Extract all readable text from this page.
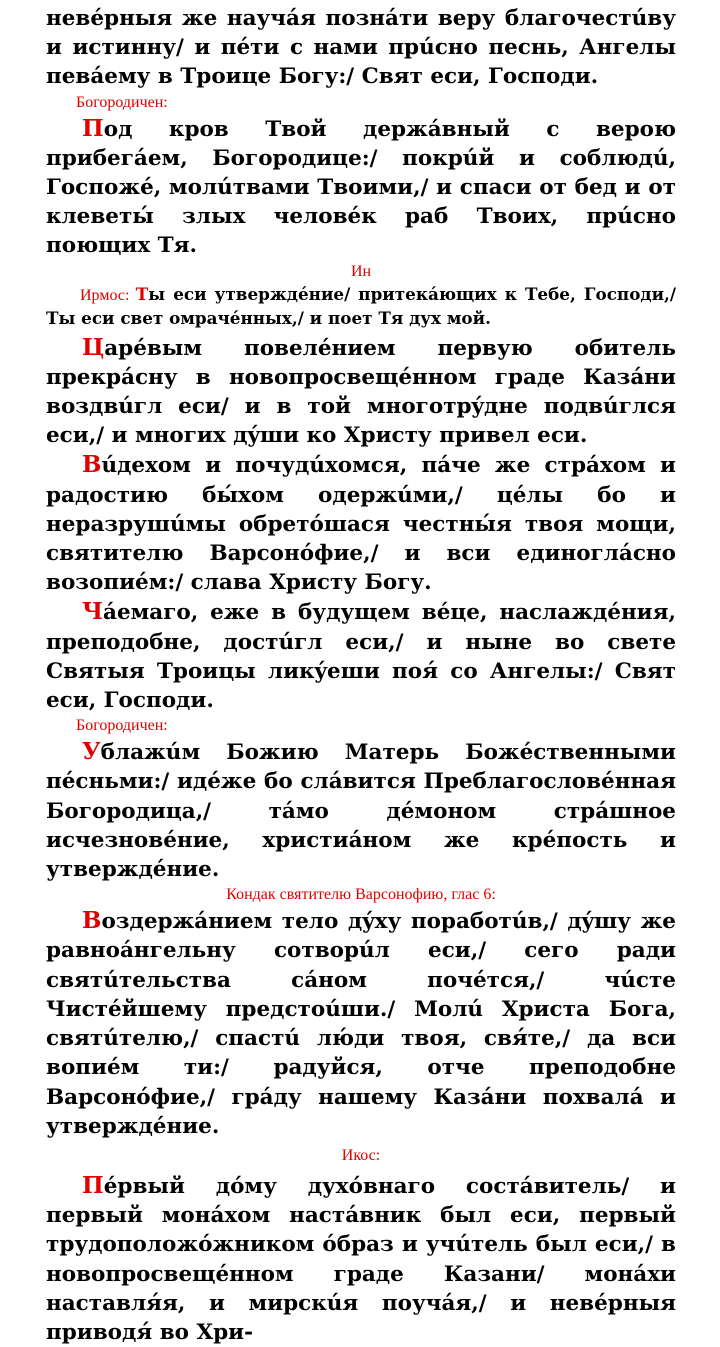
невéрныя же научáя познáти веру благочестúву и истинну/ и пéти с нами прúсно песнь, Ангелы певáему в Троице Богу:/ Свят еси, Господи.

Богородичен:

Под кров Твой держáвный с верою прибегáем, Богородице:/ покрúй и соблюдú, Госпожé, молúтвами Твоими,/ и спаси от бед и от клеветы́ злых человéк раб Твоих, прúсно поющих Тя.

Ин

Ирмос: Ты еси утверждéние/ притекáющих к Тебе, Господи,/ Ты еси свет омрачéнных,/ и поет Тя дух мой.

Царéвым повелéнием первую обитель прекрáсну в новопросвещéнном граде Казáни воздвúгл еси/ и в той многотрýдне подвúглся еси,/ и многих дýши ко Христу привел еси.

Вúдехом и почудúхомся, пáче же стрáхом и радостию бы́хом одержúми,/ цéлы бо и неразрушúмы обретóшася честны́я твоя мощи, святителю Варсонóфие,/ и вси единоглáсно возопиéм:/ слава Христу Богу.

Чáемаго, еже в будущем вéце, наслаждéния, преподобне, достúгл еси,/ и ныне во свете Святыя Троицы ликýеши поя́ со Ангелы:/ Свят еси, Господи.

Богородичен:

Ублажúм Божию Матерь Божéственными пéсньми:/ идéже бо слáвится Преблагословéнная Богородица,/ тáмо дéмоном стрáшное исчезновéние, христиáном же крéпость и утверждéние.

Кондак святителю Варсонофию, глас 6:

Воздержáнием тело дýху поработúв,/ дýшу же равноáнгельну сотворúл еси,/ сего ради святúтельства сáном почéтся,/ чúсте Чистéйшему предстоúши./ Молú Христа Бога, святúтелю,/ спастú лю́ди твоя, свя́те,/ да вси вопиéм ти:/ радуйся, отче преподобне Варсонóфие,/ грáду нашему Казáни похвалá и утверждéние.

Икос:

Пéрвый дóму духóвнаго состáвитель/ и первый монáхом настáвник был еси, первый трудоположóжником óбраз и учúтель был еси,/ в новопросвещéнном граде Казани/ монáхи наставля́я, и мирскúя поучáя,/ и невéрныя приводя́ во Хри-
